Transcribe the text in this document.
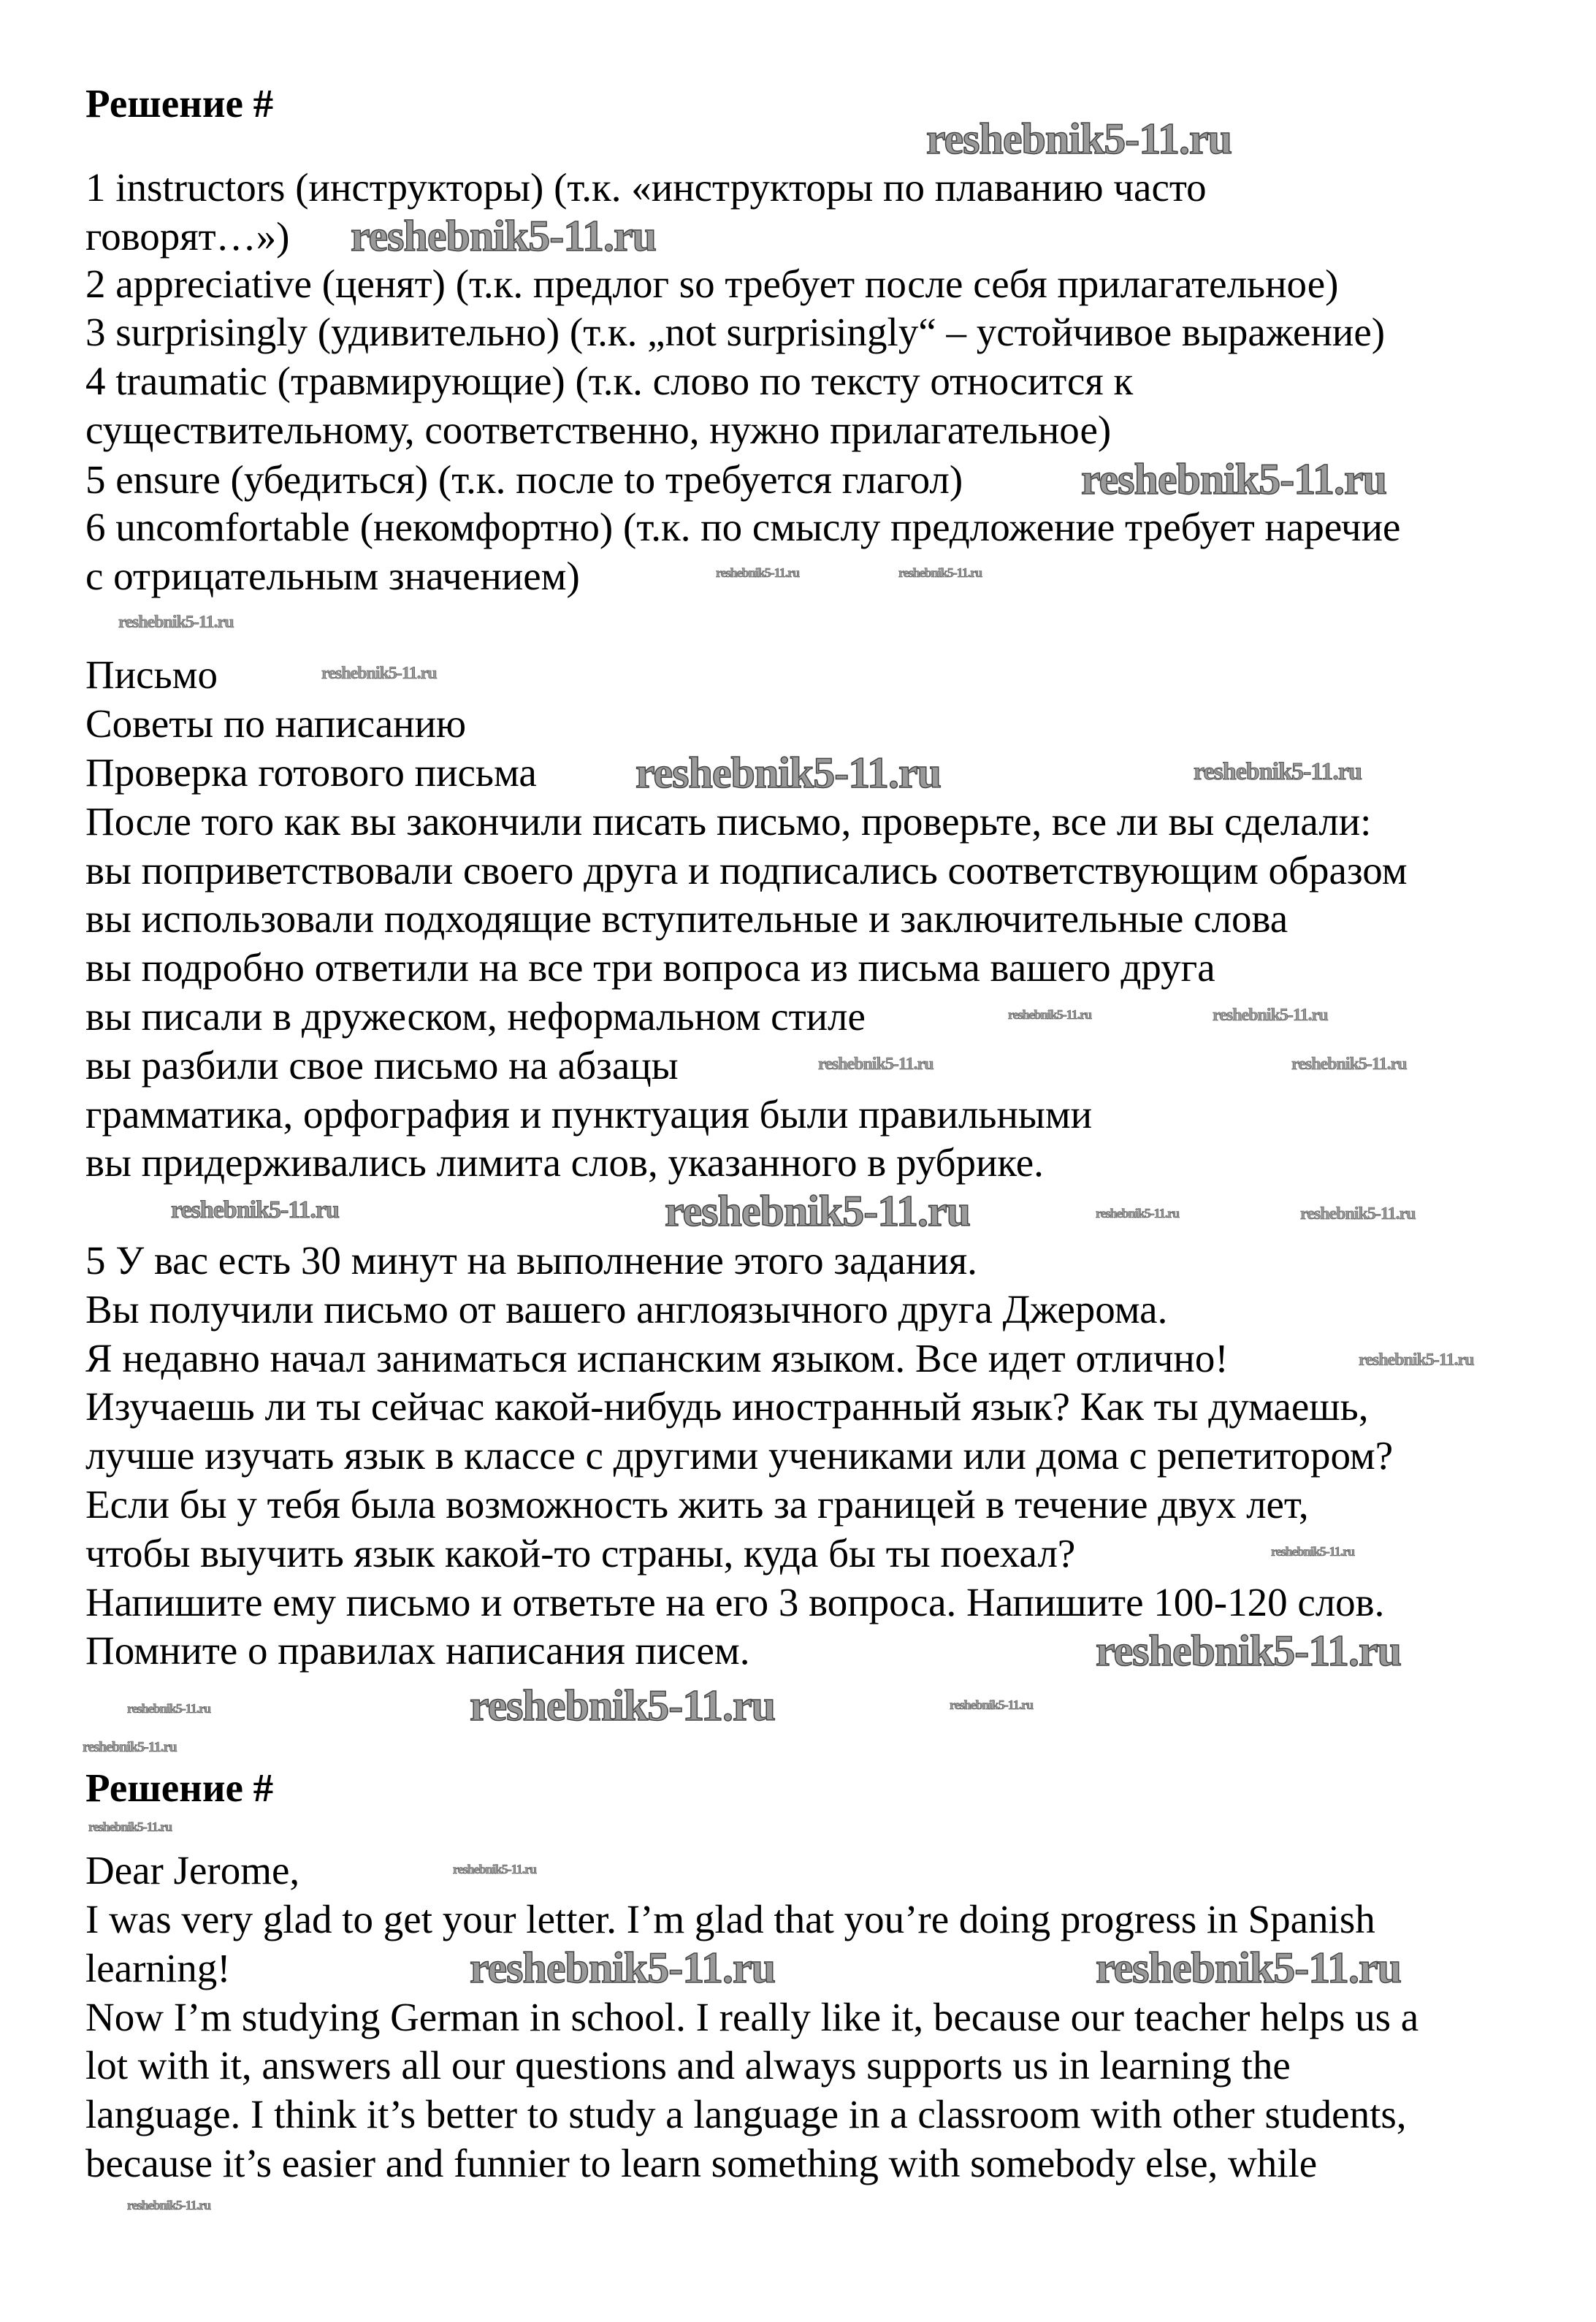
Решение #
1 instructors (инструкторы) (т.к. «инструкторы по плаванию часто
говорят…»)
2 appreciative (ценят) (т.к. предлог so требует после себя прилагательное)
3 surprisingly (удивительно) (т.к. „not surprisingly“ – устойчивое выражение)
4 traumatic (травмирующие) (т.к. слово по тексту относится к
существительному, соответственно, нужно прилагательное)
5 ensure (убедиться) (т.к. после to требуется глагол)
6 uncomfortable (некомфортно) (т.к. по смыслу предложение требует наречие
с отрицательным значением)
Письмо
Советы по написанию
Проверка готового письма
После того как вы закончили писать письмо, проверьте, все ли вы сделали:
вы поприветствовали своего друга и подписались соответствующим образом
вы использовали подходящие вступительные и заключительные слова
вы подробно ответили на все три вопроса из письма вашего друга
вы писали в дружеском, неформальном стиле
вы разбили свое письмо на абзацы
грамматика, орфография и пунктуация были правильными
вы придерживались лимита слов, указанного в рубрике.
5 У вас есть 30 минут на выполнение этого задания.
Вы получили письмо от вашего англоязычного друга Джерома.
Я недавно начал заниматься испанским языком. Все идет отлично!
Изучаешь ли ты сейчас какой-нибудь иностранный язык? Как ты думаешь,
лучше изучать язык в классе с другими учениками или дома с репетитором?
Если бы у тебя была возможность жить за границей в течение двух лет,
чтобы выучить язык какой-то страны, куда бы ты поехал?
Напишите ему письмо и ответьте на его 3 вопроса. Напишите 100-120 слов.
Помните о правилах написания писем.
Решение #
Dear Jerome,
I was very glad to get your letter. I’m glad that you’re doing progress in Spanish
learning!
Now I’m studying German in school. I really like it, because our teacher helps us a
lot with it, answers all our questions and always supports us in learning the
language. I think it’s better to study a language in a classroom with other students,
because it’s easier and funnier to learn something with somebody else, while
reshebnik5-11.ru
reshebnik5-11.ru
reshebnik5-11.ru
reshebnik5-11.ru
reshebnik5-11.ru
reshebnik5-11.ru
reshebnik5-11.ru
reshebnik5-11.ru	reshebnik5-11.ru
reshebnik5-11.ru
reshebnik5-11.ru
reshebnik5-11.ru
reshebnik5-11.ru
reshebnik5-11.ru
reshebnik5-11.ru	reshebnik5-11.ru
reshebnik5-11.ru
reshebnik5-11.ru
reshebnik5-11.ru
reshebnik5-11.ru
reshebnik5-11.ru
reshebnik5-11.ru
reshebnik5-11.ru
reshebnik5-11.ru
reshebnik5-11.ru
reshebnik5-11.ru
reshebnik5-11.ru
reshebnik5-11.ru
reshebnik5-11.ru
